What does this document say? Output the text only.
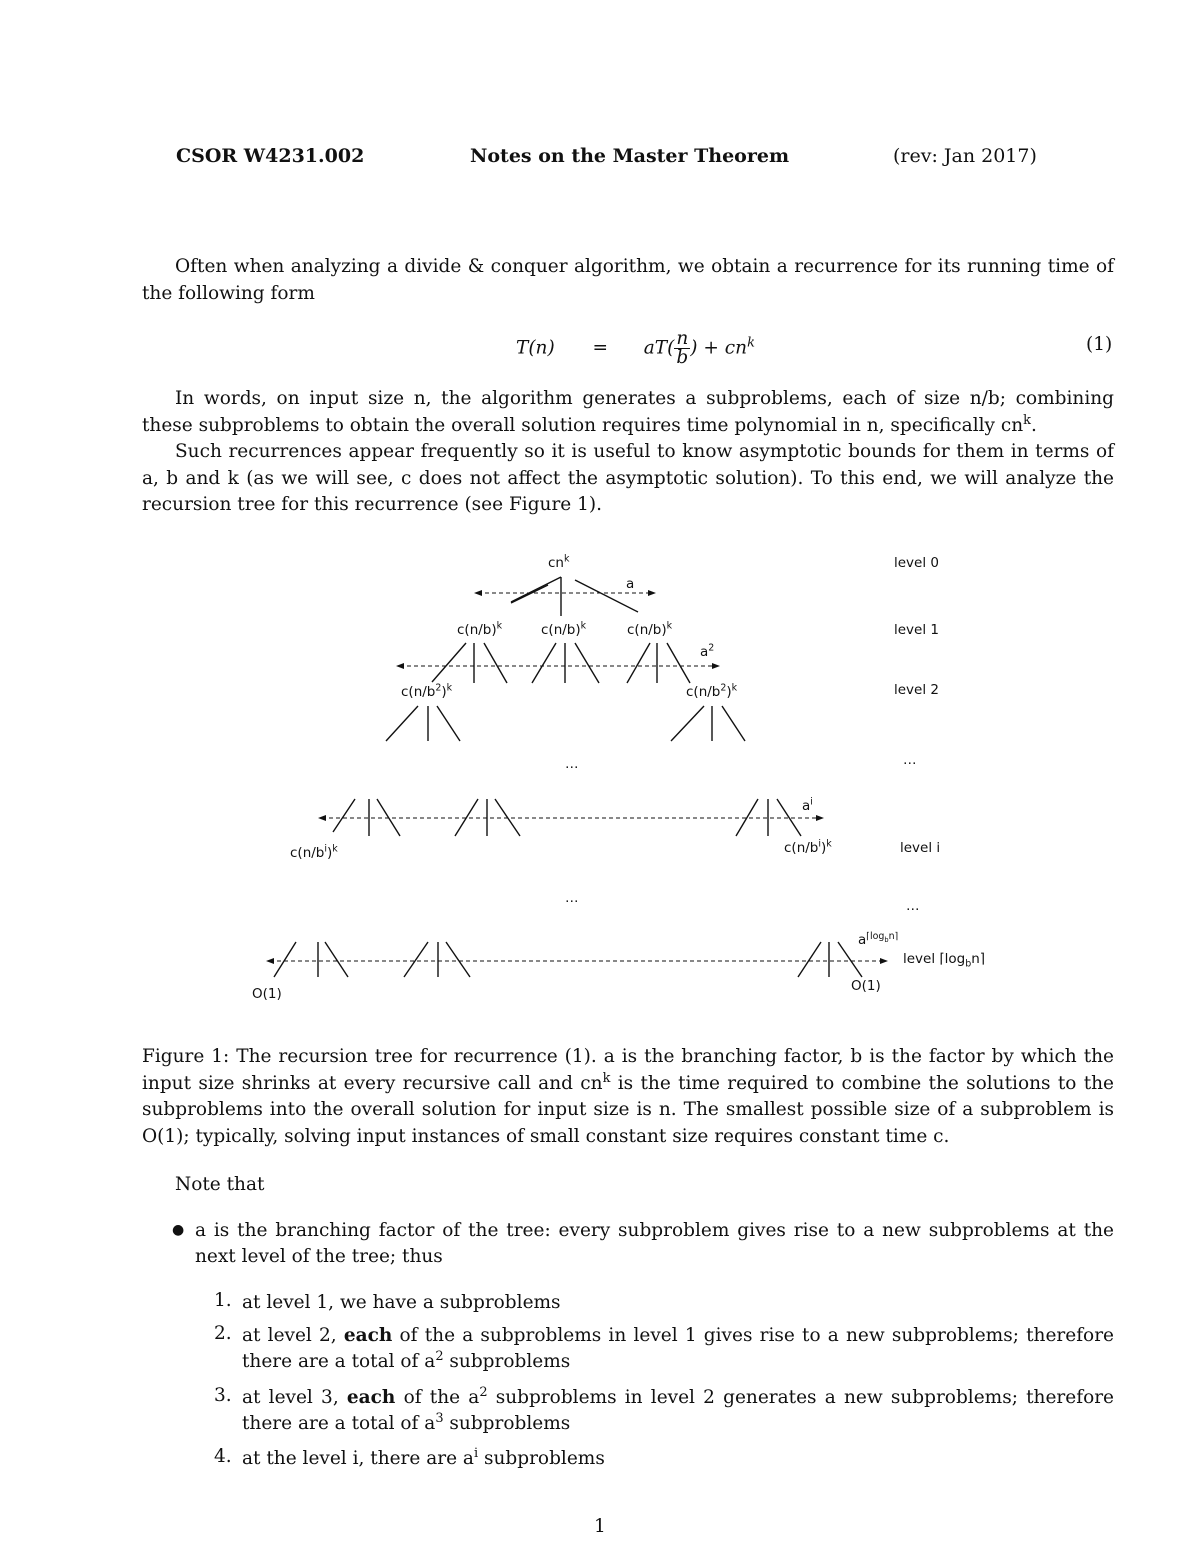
CSOR W4231.002	Notes on the Master Theorem	(rev: Jan 2017)
Often when analyzing a divide & conquer algorithm, we obtain a recurrence for its running time of the following form
$T(n) = aT( \frac{n}{b}$ ) + $cn^k$	(1)
In words, on input size n, the algorithm generates a subproblems, each of size n/b; combining these subproblems to obtain the overall solution requires time polynomial in n, specifically $cn^k$.
Such recurrences appear frequently so it is useful to know asymptotic bounds for them in terms of a, b and k (as we will see, c does not affect the asymptotic solution). To this end, we will analyze the recursion tree for this recurrence (see Figure 1).
$cn^k$
a
$c(n/b)^k$	$c(n/b)^k$	$c(n/b)^k$
$a^2$
$c(n/b^2)^k$	$c(n/b^2)^k$
…	…
$a^i$
$c(n/b^i)^k$	$c(n/b^i)^k$
…	…
$a^{⌈log_bn⌉}$
O(1)	O(1)
level 0
level 1
level 2
level i
level $⌈\log_bn⌉$
Figure 1: The recursion tree for recurrence (1). a is the branching factor, b is the factor by which the input size shrinks at every recursive call and $cn^k$ is the time required to combine the solutions to the subproblems into the overall solution for input size is n. The smallest possible size of a subproblem is O(1); typically, solving input instances of small constant size requires constant time c.
Note that
● a is the branching factor of the tree: every subproblem gives rise to a new subproblems at the next level of the tree; thus
1. at level 1, we have a subproblems
2. at level 2, each of the a subproblems in level 1 gives rise to a new subproblems; therefore there are a total of $a^2$ subproblems
3. at level 3, each of the $a^2$ subproblems in level 2 generates a new subproblems; therefore there are a total of $a^3$ subproblems
4. at the level i, there are $a^i$ subproblems
1
